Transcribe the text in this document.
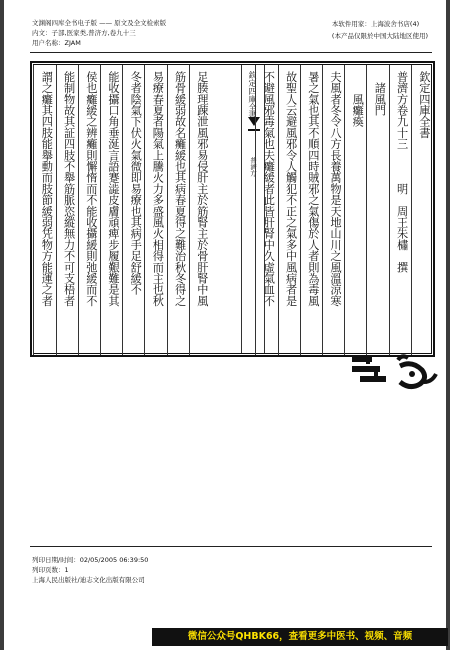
文渊阁四库全书电子版 —— 原文及全文检索版
内文：子部,医家类,普济方,卷九十三
用户名称：ZJAM
本软件用家：上海波舍书店(4)
(本产品仅限於中国大陆地区使用)
欽定四庫全書
普濟方
欽定四庫全書
普濟方卷九十三　　　明　周王朱橚　撰
　諸風門
　　風癱瘓
夫風者冬令八方長養萬物是天地山川之風溫涼寒
暑之氣也其不順四時賊邪之氣傷於人者則為毒風
故聖人云避風邪令人觸犯不正之氣多中風病者是
不避風邪毒氣也夫癱緩者此皆肝腎中久虛氣血不
足腠理踈泄風邪易侵肝主於筋腎主於骨肝腎中風
筋骨緩弱故名癱緩也其病春夏得之難治秋冬得之
易療春夏者陽氣上騰火力多盛風火相得而主也秋
冬者陰氣下伏火氣微即易療也其病手足舒緩不
能收攝口角垂涎言語蹇澁皮膚頑痺步履艱難是其
侯也癱緩之辨癱則懈惰而不能收攝緩則弛緩而不
能制物故其証四肢不舉筋脈恣縱無力不可支梧者
謂之癱其四肢能舉動而肢節緩弱凭物方能運之者
列印日期/时间：02/05/2005 06:39:50
列印页数：1
上海人民出版社/迪志文化出版有限公司
微信公众号QHBK66，查看更多中医书、视频、音频
